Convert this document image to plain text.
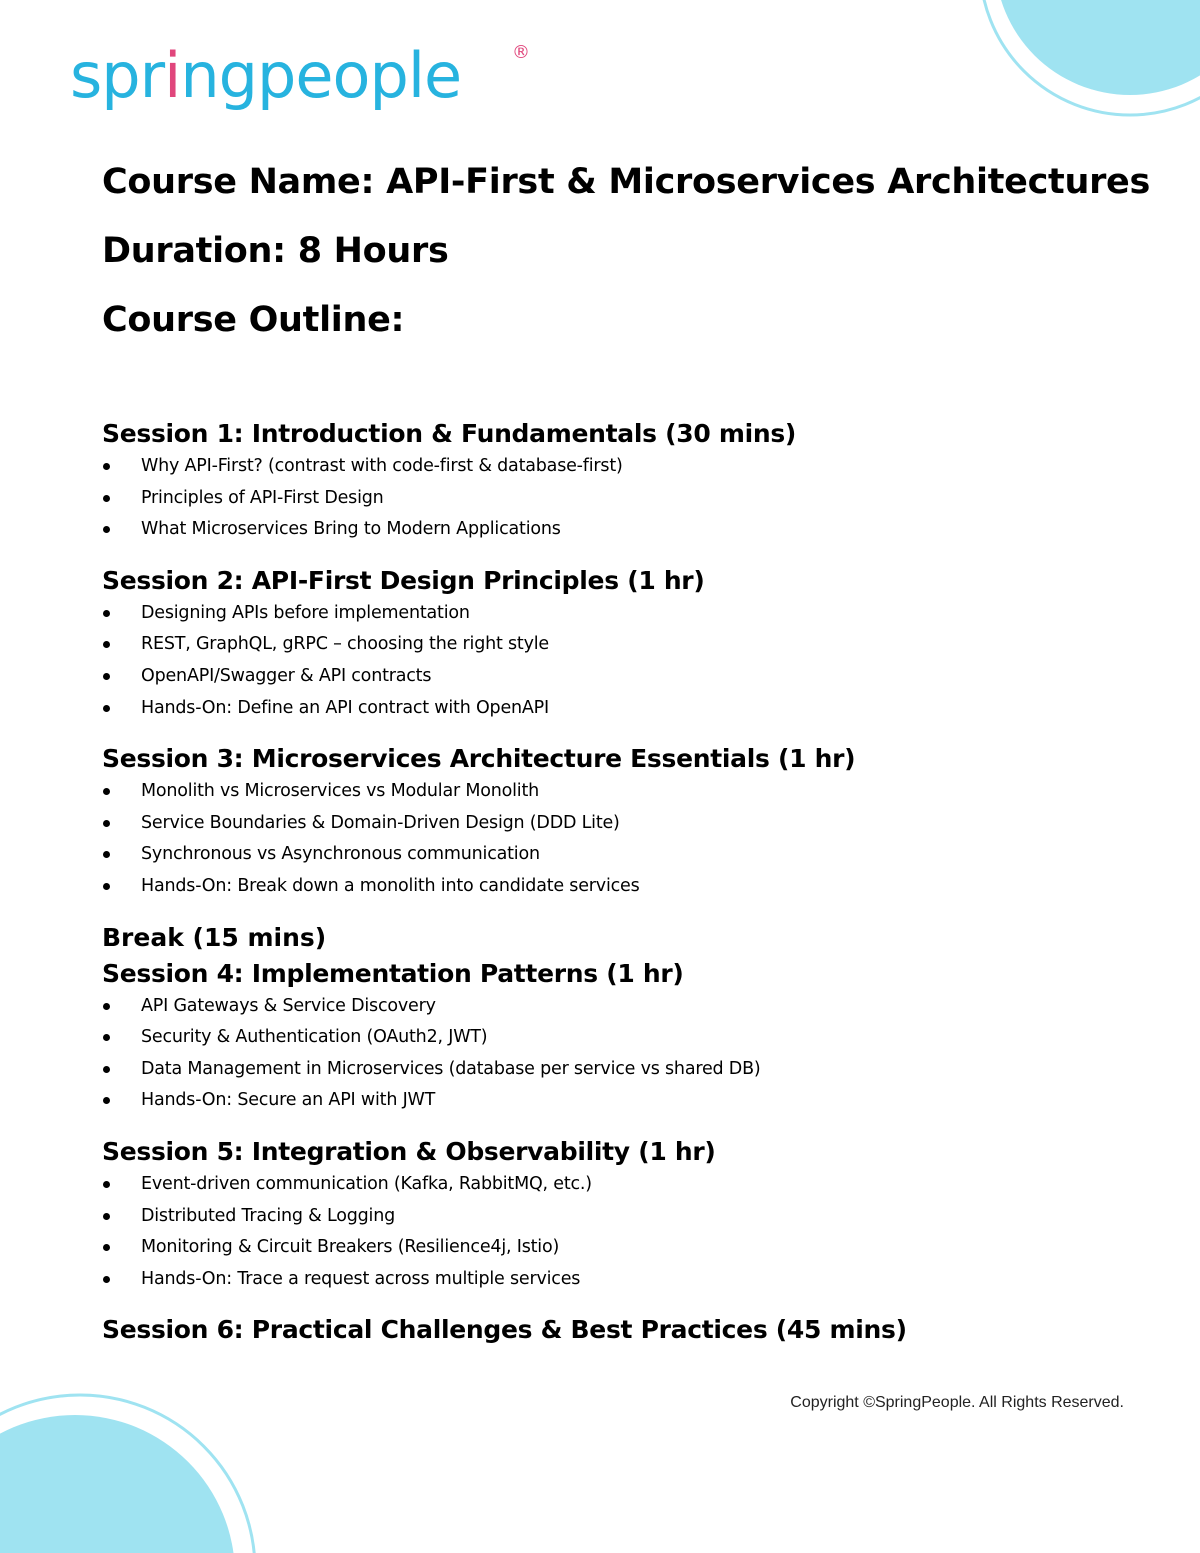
springpeople	®
Course Name: API-First & Microservices Architectures
Duration: 8 Hours
Course Outline:
Session 1: Introduction & Fundamentals (30 mins)
Why API-First? (contrast with code-first & database-first)
Principles of API-First Design
What Microservices Bring to Modern Applications
Session 2: API-First Design Principles (1 hr)
Designing APIs before implementation
REST, GraphQL, gRPC – choosing the right style
OpenAPI/Swagger & API contracts
Hands-On: Define an API contract with OpenAPI
Session 3: Microservices Architecture Essentials (1 hr)
Monolith vs Microservices vs Modular Monolith
Service Boundaries & Domain-Driven Design (DDD Lite)
Synchronous vs Asynchronous communication
Hands-On: Break down a monolith into candidate services
Break (15 mins)
Session 4: Implementation Patterns (1 hr)
API Gateways & Service Discovery
Security & Authentication (OAuth2, JWT)
Data Management in Microservices (database per service vs shared DB)
Hands-On: Secure an API with JWT
Session 5: Integration & Observability (1 hr)
Event-driven communication (Kafka, RabbitMQ, etc.)
Distributed Tracing & Logging
Monitoring & Circuit Breakers (Resilience4j, Istio)
Hands-On: Trace a request across multiple services
Session 6: Practical Challenges & Best Practices (45 mins)
Copyright ©SpringPeople. All Rights Reserved.
